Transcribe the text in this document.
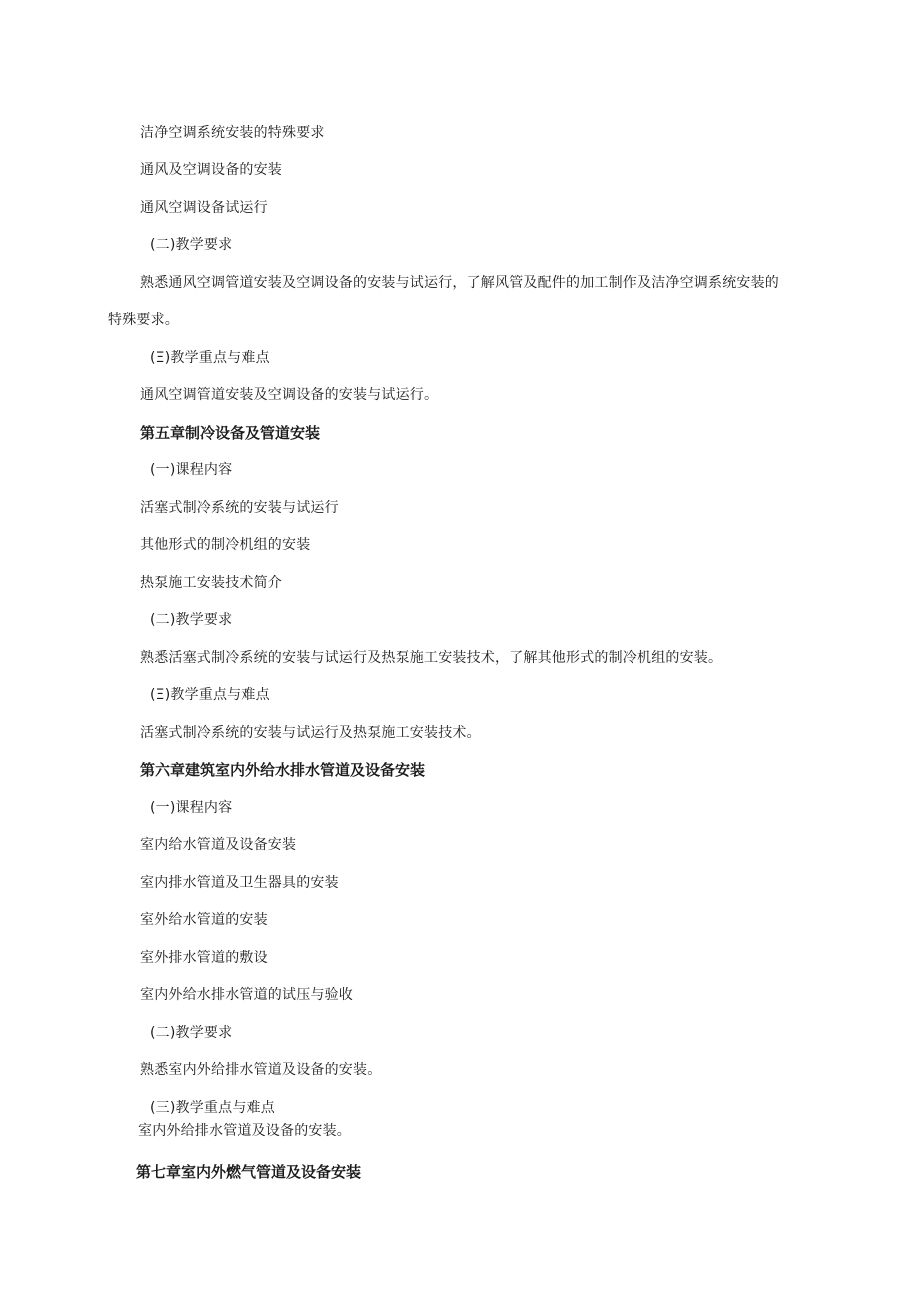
洁净空调系统安装的特殊要求
通风及空调设备的安装
通风空调设备试运行
(二)教学要求
熟悉通风空调管道安装及空调设备的安装与试运行，了解风管及配件的加工制作及洁净空调系统安装的
特殊要求。
(Ξ)教学重点与难点
通风空调管道安装及空调设备的安装与试运行。
第五章制冷设备及管道安装
(一)课程内容
活塞式制冷系统的安装与试运行
其他形式的制冷机组的安装
热泵施工安装技术简介
(二)教学要求
熟悉活塞式制冷系统的安装与试运行及热泵施工安装技术，了解其他形式的制冷机组的安装。
(Ξ)教学重点与难点
活塞式制冷系统的安装与试运行及热泵施工安装技术。
第六章建筑室内外给水排水管道及设备安装
(一)课程内容
室内给水管道及设备安装
室内排水管道及卫生器具的安装
室外给水管道的安装
室外排水管道的敷设
室内外给水排水管道的试压与验收
(二)教学要求
熟悉室内外给排水管道及设备的安装。
(三)教学重点与难点
室内外给排水管道及设备的安装。
第七章室内外燃气管道及设备安装
